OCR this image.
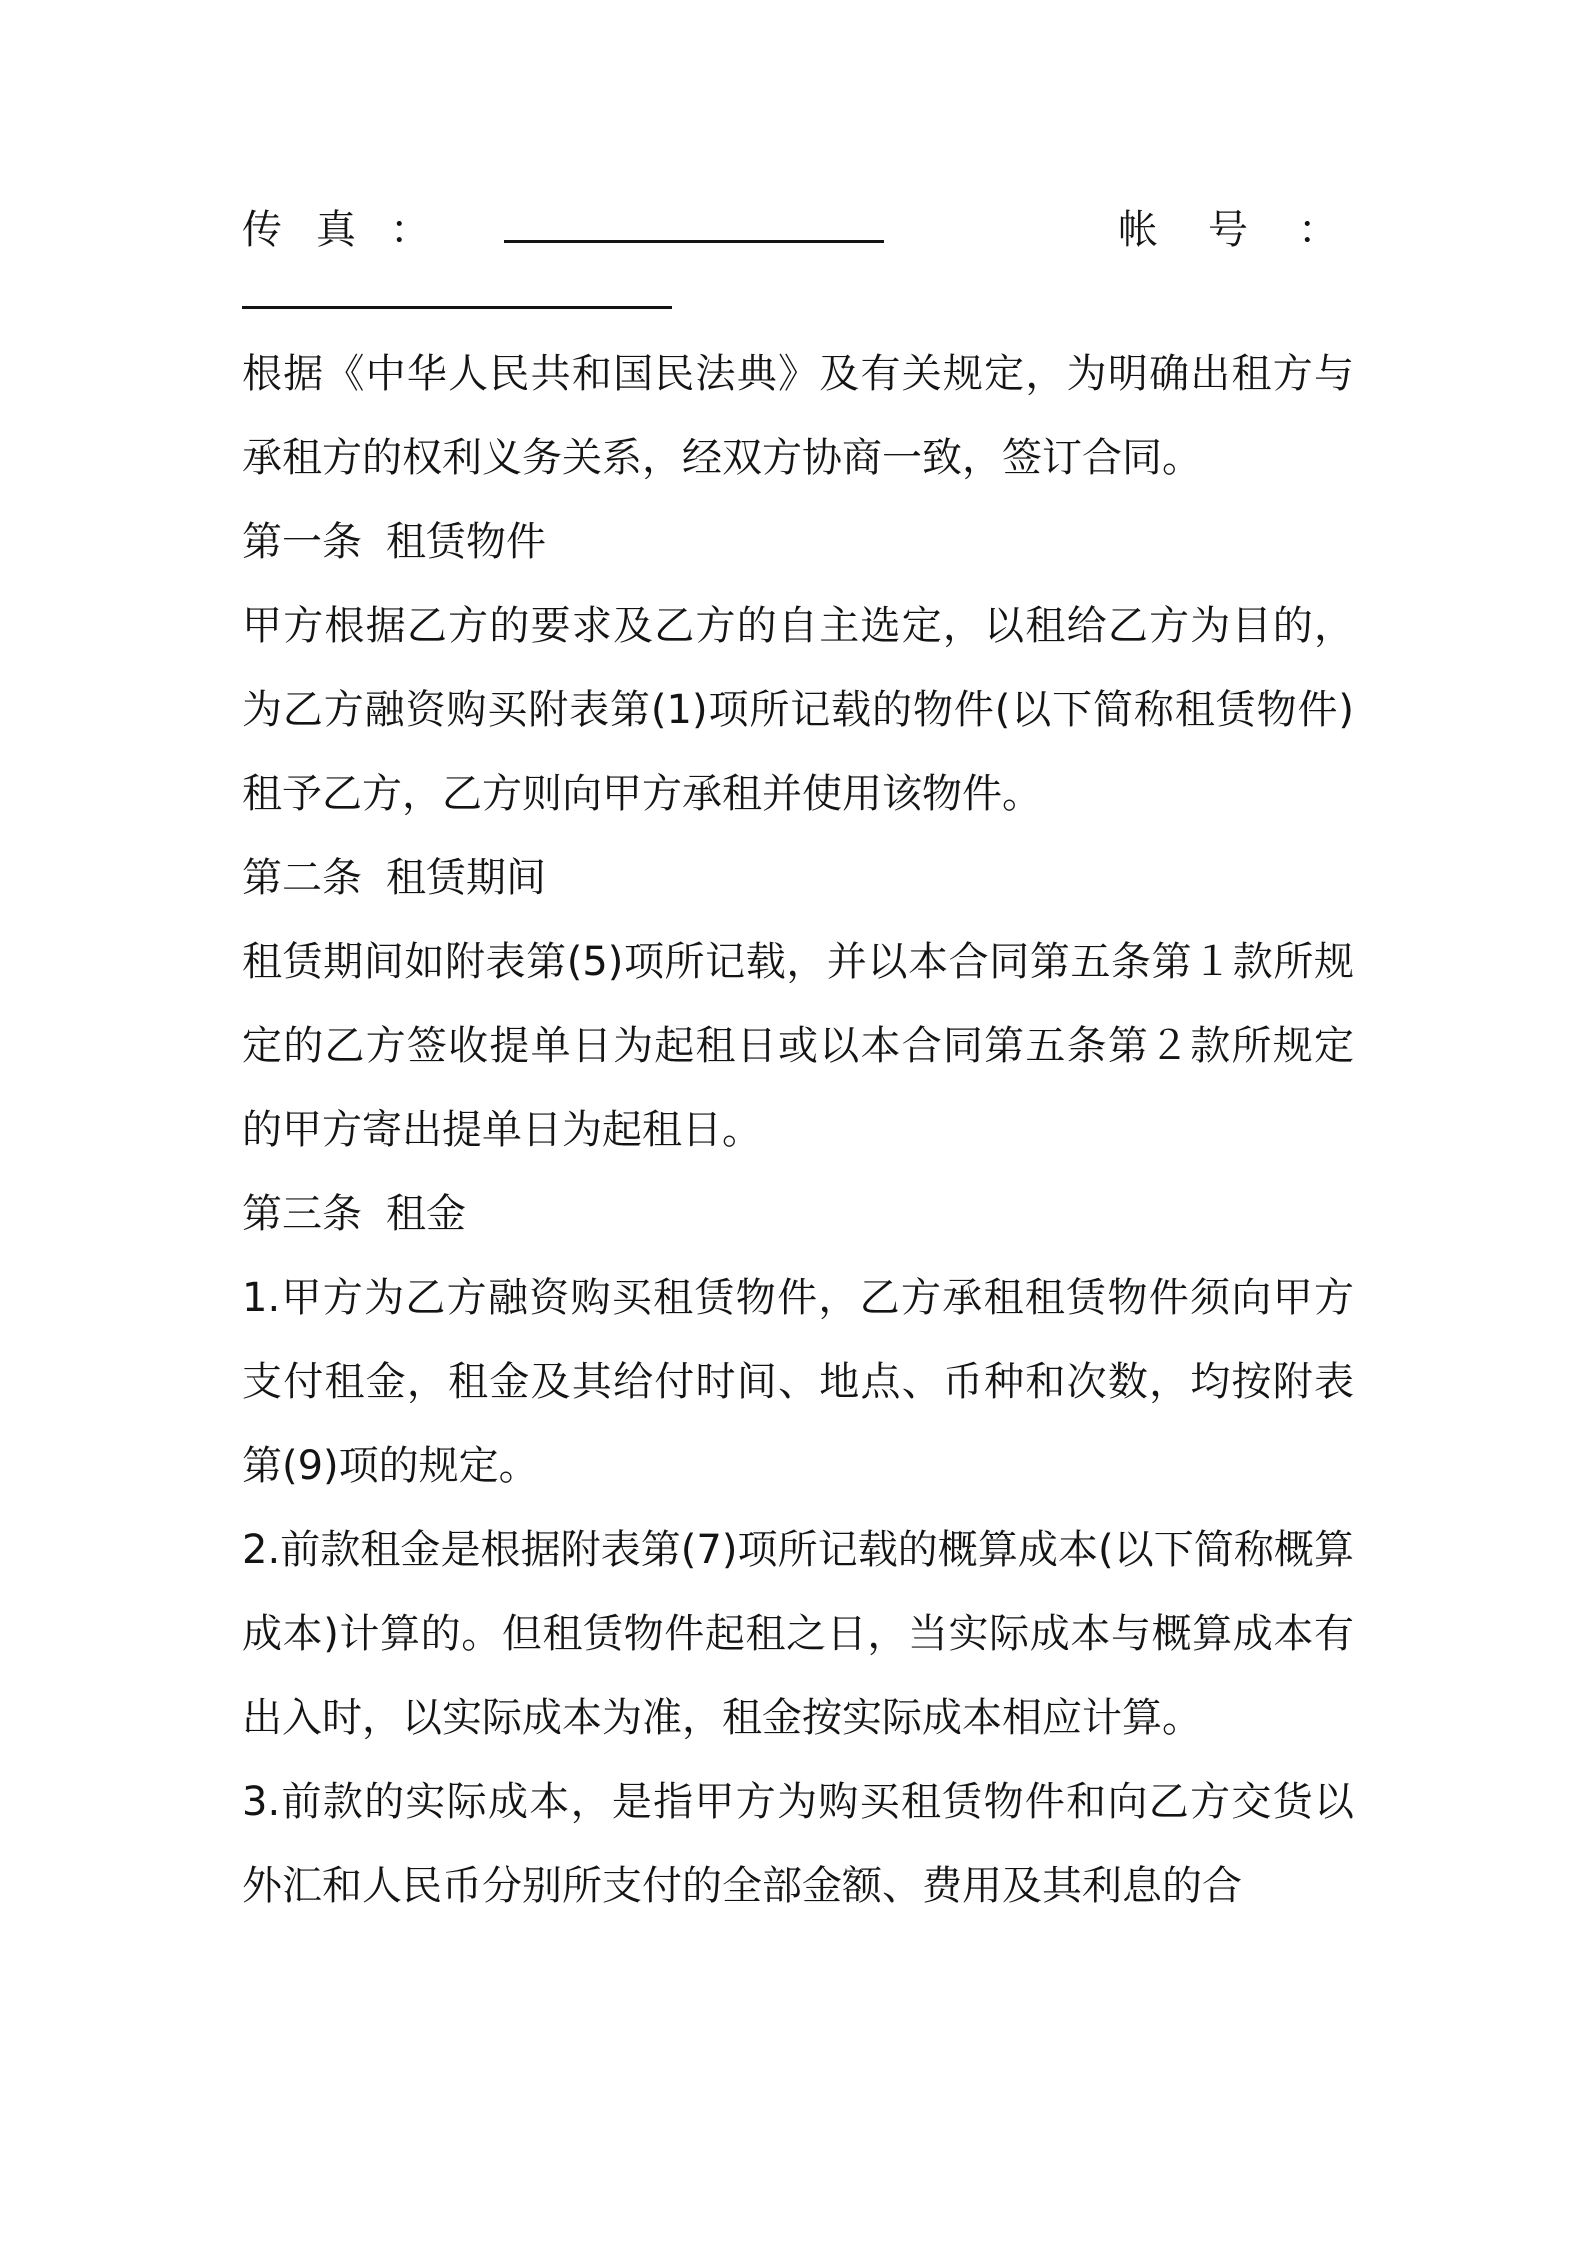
传真：	帐号：

根据《中华人民共和国民法典》及有关规定，为明确出租方与承租方的权利义务关系，经双方协商一致，签订合同。

第一条 租赁物件

甲方根据乙方的要求及乙方的自主选定，以租给乙方为目的，为乙方融资购买附表第(1)项所记载的物件(以下简称租赁物件)租予乙方，乙方则向甲方承租并使用该物件。

第二条 租赁期间

租赁期间如附表第(5)项所记载，并以本合同第五条第１款所规定的乙方签收提单日为起租日或以本合同第五条第２款所规定的甲方寄出提单日为起租日。

第三条 租金

1.甲方为乙方融资购买租赁物件，乙方承租租赁物件须向甲方支付租金，租金及其给付时间、地点、币种和次数，均按附表第(9)项的规定。

2.前款租金是根据附表第(7)项所记载的概算成本(以下简称概算成本)计算的。但租赁物件起租之日，当实际成本与概算成本有出入时，以实际成本为准，租金按实际成本相应计算。

3.前款的实际成本，是指甲方为购买租赁物件和向乙方交货以外汇和人民币分别所支付的全部金额、费用及其利息的合
